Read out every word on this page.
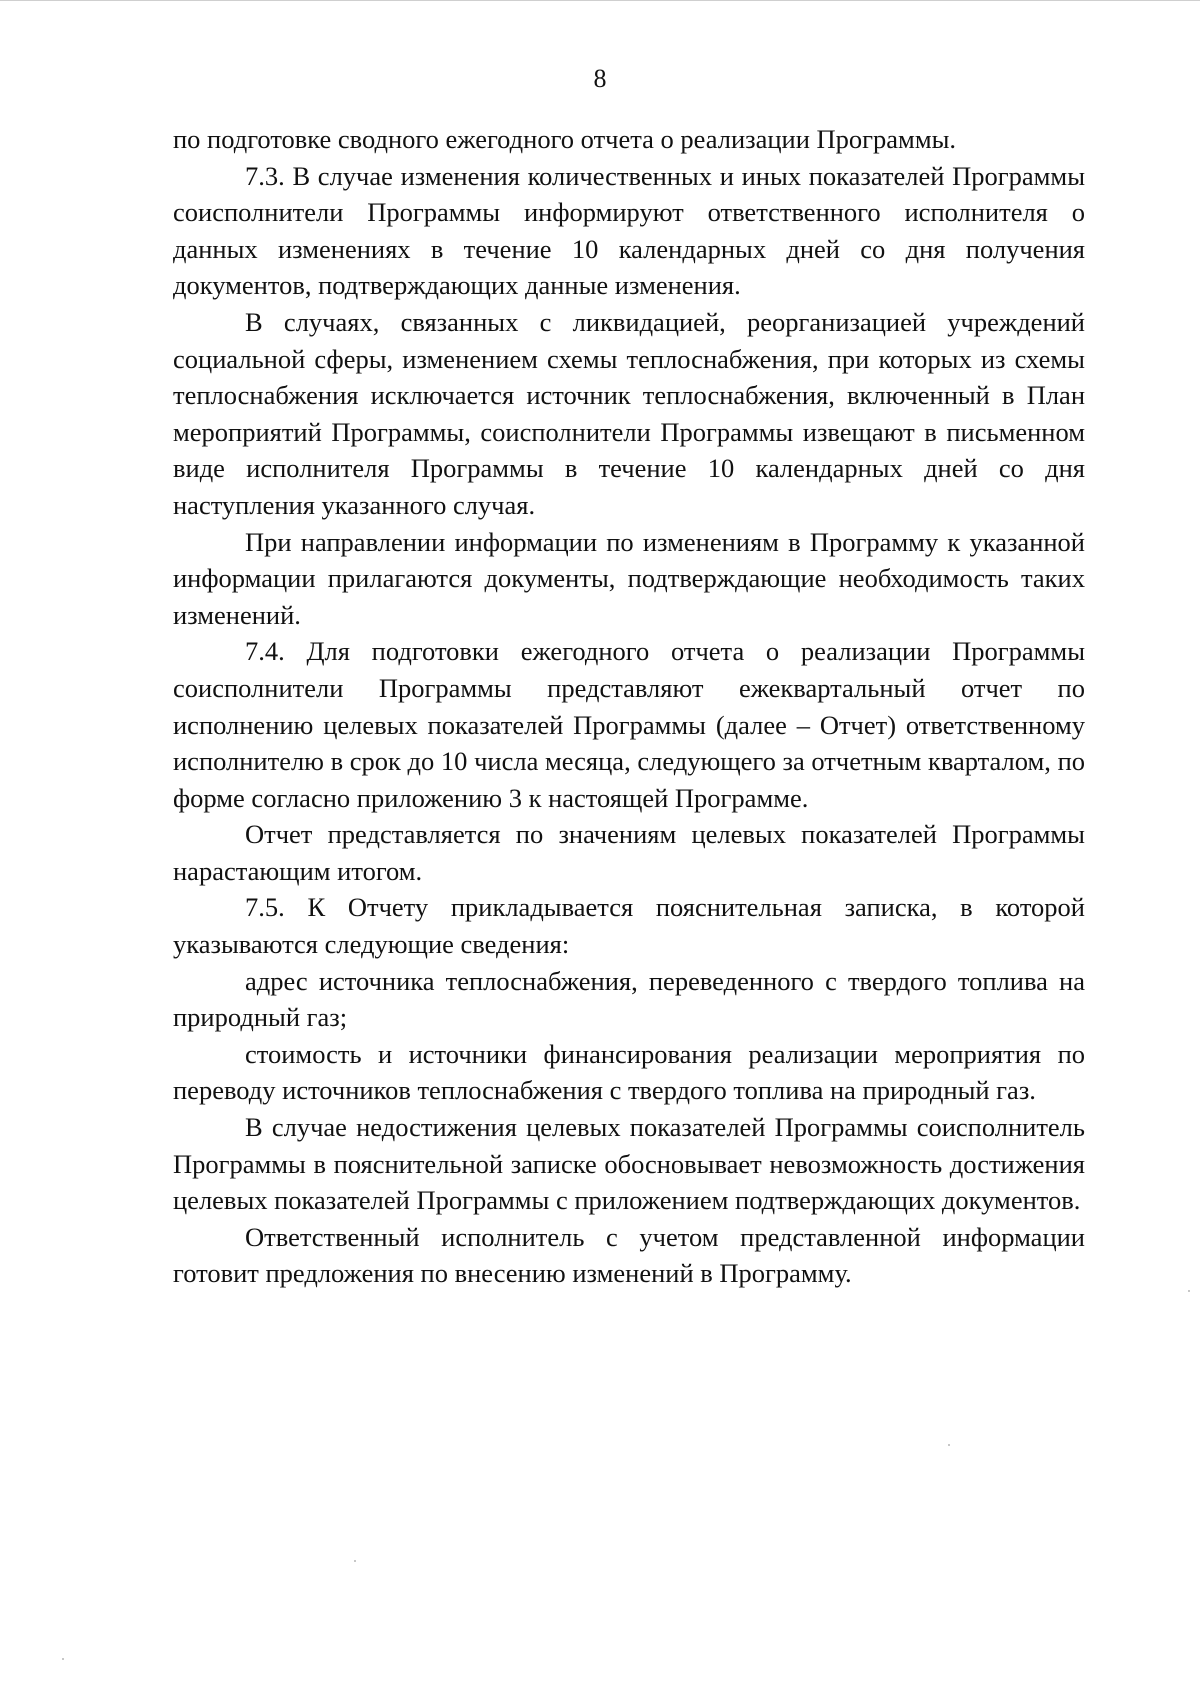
8

по подготовке сводного ежегодного отчета о реализации Программы.

7.3. В случае изменения количественных и иных показателей Программы соисполнители Программы информируют ответственного исполнителя о данных изменениях в течение 10 календарных дней со дня получения документов, подтверждающих данные изменения.

В случаях, связанных с ликвидацией, реорганизацией учреждений социальной сферы, изменением схемы теплоснабжения, при которых из схемы теплоснабжения исключается источник теплоснабжения, включенный в План мероприятий Программы, соисполнители Программы извещают в письменном виде исполнителя Программы в течение 10 календарных дней со дня наступления указанного случая.

При направлении информации по изменениям в Программу к указанной информации прилагаются документы, подтверждающие необходимость таких изменений.

7.4. Для подготовки ежегодного отчета о реализации Программы соисполнители Программы представляют ежеквартальный отчет по исполнению целевых показателей Программы (далее – Отчет) ответственному исполнителю в срок до 10 числа месяца, следующего за отчетным кварталом, по форме согласно приложению 3 к настоящей Программе.

Отчет представляется по значениям целевых показателей Программы нарастающим итогом.

7.5. К Отчету прикладывается пояснительная записка, в которой указываются следующие сведения:

адрес источника теплоснабжения, переведенного с твердого топлива на природный газ;

стоимость и источники финансирования реализации мероприятия по переводу источников теплоснабжения с твердого топлива на природный газ.

В случае недостижения целевых показателей Программы соисполнитель Программы в пояснительной записке обосновывает невозможность достижения целевых показателей Программы с приложением подтверждающих документов.

Ответственный исполнитель с учетом представленной информации готовит предложения по внесению изменений в Программу.
